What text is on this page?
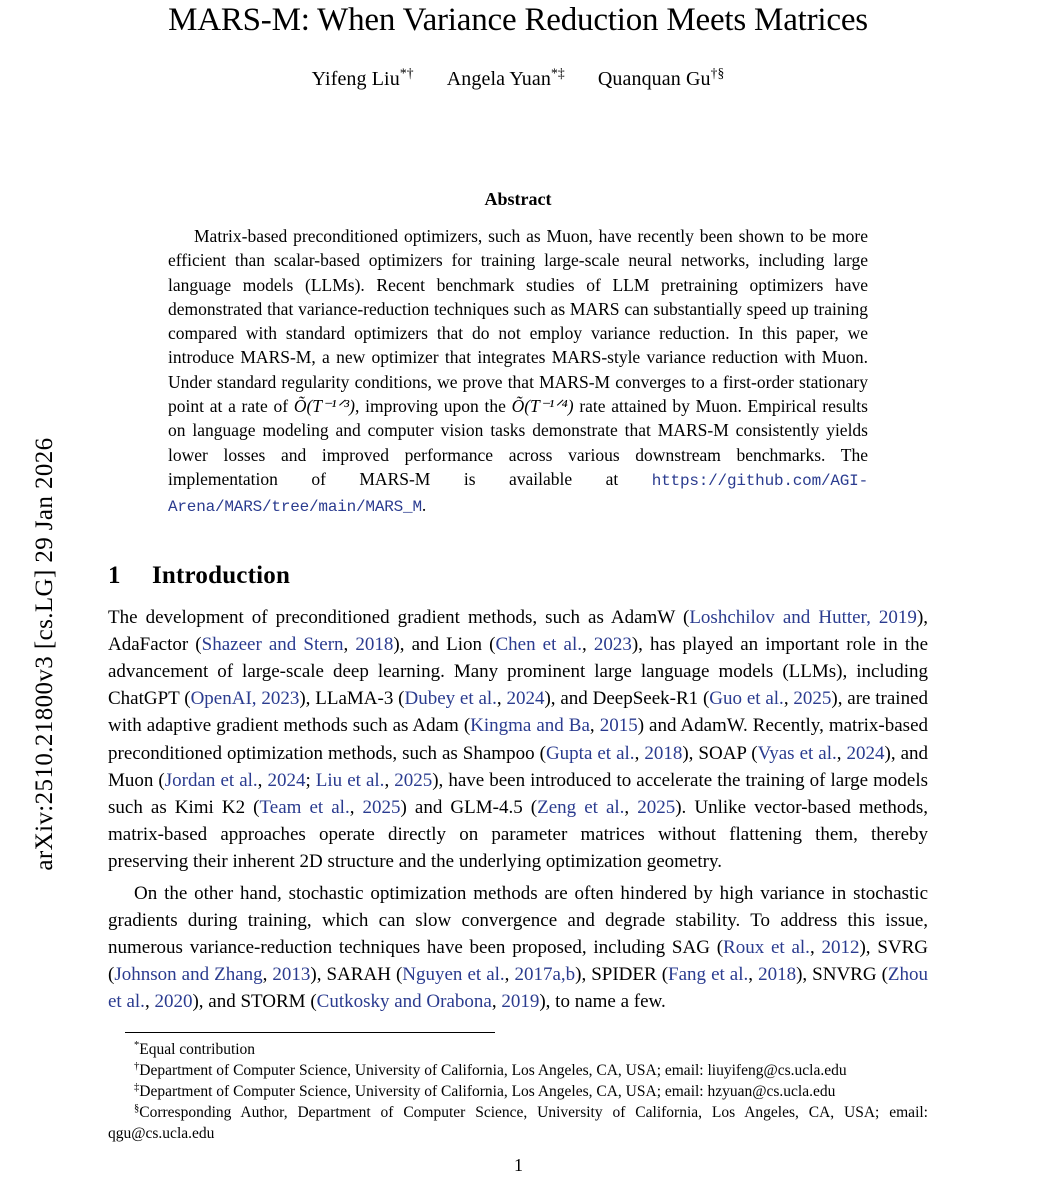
arXiv:2510.21800v3 [cs.LG] 29 Jan 2026
MARS-M: When Variance Reduction Meets Matrices
Yifeng Liu*† Angela Yuan*‡ Quanquan Gu†§
Abstract
Matrix-based preconditioned optimizers, such as Muon, have recently been shown to be more efficient than scalar-based optimizers for training large-scale neural networks, including large language models (LLMs). Recent benchmark studies of LLM pretraining optimizers have demonstrated that variance-reduction techniques such as MARS can substantially speed up training compared with standard optimizers that do not employ variance reduction. In this paper, we introduce MARS-M, a new optimizer that integrates MARS-style variance reduction with Muon. Under standard regularity conditions, we prove that MARS-M converges to a first-order stationary point at a rate of Õ(T⁻¹ᐟ³), improving upon the Õ(T⁻¹ᐟ⁴) rate attained by Muon. Empirical results on language modeling and computer vision tasks demonstrate that MARS-M consistently yields lower losses and improved performance across various downstream benchmarks. The implementation of MARS-M is available at https://github.com/AGI-Arena/MARS/tree/main/MARS_M.
1 Introduction
The development of preconditioned gradient methods, such as AdamW (Loshchilov and Hutter, 2019), AdaFactor (Shazeer and Stern, 2018), and Lion (Chen et al., 2023), has played an important role in the advancement of large-scale deep learning. Many prominent large language models (LLMs), including ChatGPT (OpenAI, 2023), LLaMA-3 (Dubey et al., 2024), and DeepSeek-R1 (Guo et al., 2025), are trained with adaptive gradient methods such as Adam (Kingma and Ba, 2015) and AdamW. Recently, matrix-based preconditioned optimization methods, such as Shampoo (Gupta et al., 2018), SOAP (Vyas et al., 2024), and Muon (Jordan et al., 2024; Liu et al., 2025), have been introduced to accelerate the training of large models such as Kimi K2 (Team et al., 2025) and GLM-4.5 (Zeng et al., 2025). Unlike vector-based methods, matrix-based approaches operate directly on parameter matrices without flattening them, thereby preserving their inherent 2D structure and the underlying optimization geometry.
On the other hand, stochastic optimization methods are often hindered by high variance in stochastic gradients during training, which can slow convergence and degrade stability. To address this issue, numerous variance-reduction techniques have been proposed, including SAG (Roux et al., 2012), SVRG (Johnson and Zhang, 2013), SARAH (Nguyen et al., 2017a,b), SPIDER (Fang et al., 2018), SNVRG (Zhou et al., 2020), and STORM (Cutkosky and Orabona, 2019), to name a few.
*Equal contribution
†Department of Computer Science, University of California, Los Angeles, CA, USA; email: liuyifeng@cs.ucla.edu
‡Department of Computer Science, University of California, Los Angeles, CA, USA; email: hzyuan@cs.ucla.edu
§Corresponding Author, Department of Computer Science, University of California, Los Angeles, CA, USA; email: qgu@cs.ucla.edu
1
